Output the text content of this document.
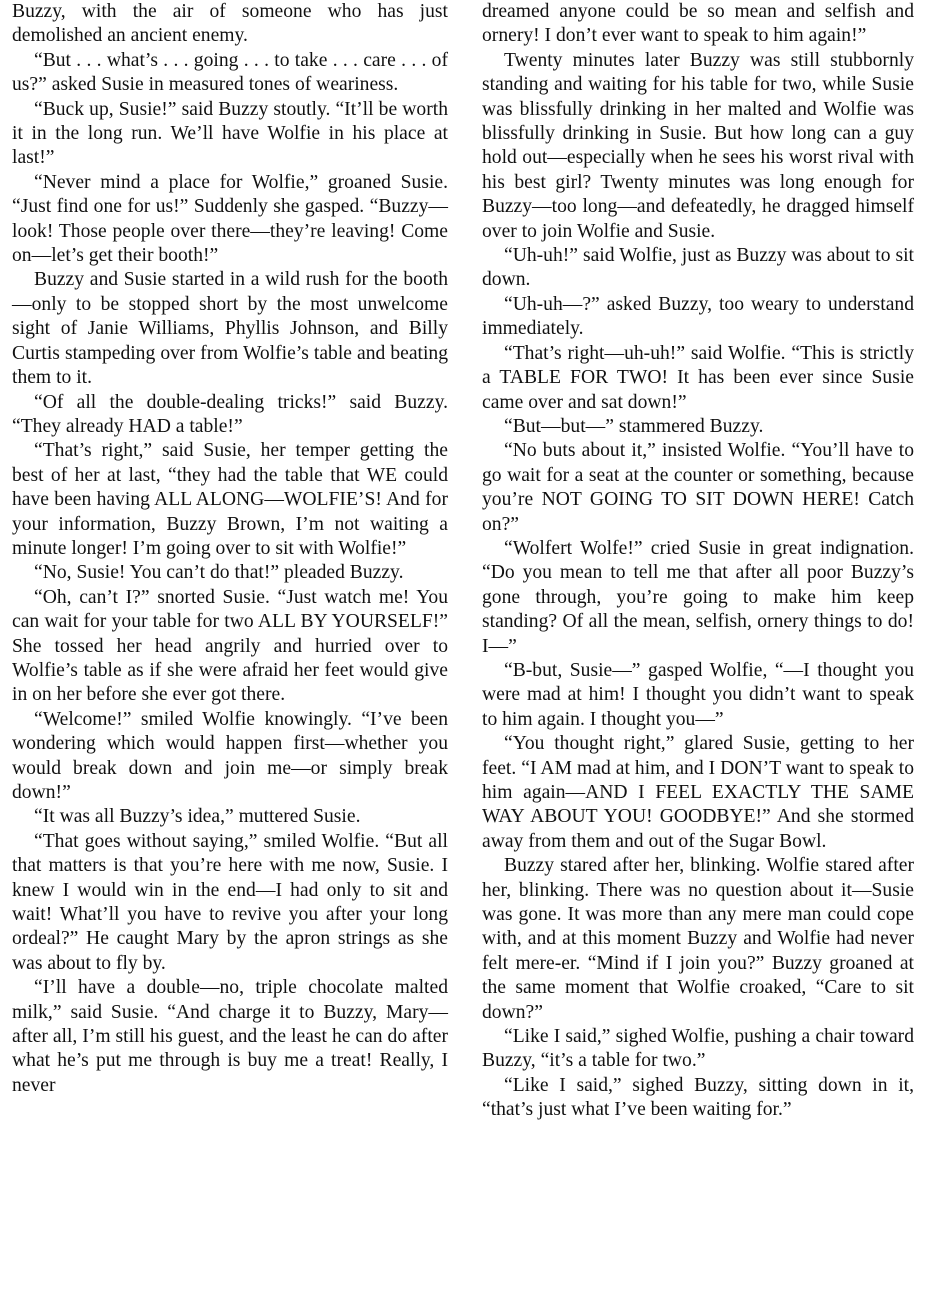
Buzzy, with the air of someone who has just demolished an ancient enemy.

“But . . . what’s . . . going . . . to take . . . care . . . of us?” asked Susie in measured tones of weariness.

“Buck up, Susie!” said Buzzy stoutly. “It’ll be worth it in the long run. We’ll have Wolfie in his place at last!”

“Never mind a place for Wolfie,” groaned Susie. “Just find one for us!” Suddenly she gasped. “Buzzy—look! Those people over there—they’re leaving! Come on—let’s get their booth!”

Buzzy and Susie started in a wild rush for the booth—only to be stopped short by the most unwelcome sight of Janie Williams, Phyllis Johnson, and Billy Curtis stampeding over from Wolfie’s table and beating them to it.

“Of all the double-dealing tricks!” said Buzzy. “They already HAD a table!”

“That’s right,” said Susie, her temper getting the best of her at last, “they had the table that WE could have been having ALL ALONG—WOLFIE’S! And for your information, Buzzy Brown, I’m not waiting a minute longer! I’m going over to sit with Wolfie!”

“No, Susie! You can’t do that!” pleaded Buzzy.

“Oh, can’t I?” snorted Susie. “Just watch me! You can wait for your table for two ALL BY YOURSELF!” She tossed her head angrily and hurried over to Wolfie’s table as if she were afraid her feet would give in on her before she ever got there.

“Welcome!” smiled Wolfie knowingly. “I’ve been wondering which would happen first—whether you would break down and join me—or simply break down!”

“It was all Buzzy’s idea,” muttered Susie.

“That goes without saying,” smiled Wolfie. “But all that matters is that you’re here with me now, Susie. I knew I would win in the end—I had only to sit and wait! What’ll you have to revive you after your long ordeal?” He caught Mary by the apron strings as she was about to fly by.

“I’ll have a double—no, triple chocolate malted milk,” said Susie. “And charge it to Buzzy, Mary—after all, I’m still his guest, and the least he can do after what he’s put me through is buy me a treat! Really, I never

dreamed anyone could be so mean and selfish and ornery! I don’t ever want to speak to him again!”

Twenty minutes later Buzzy was still stubbornly standing and waiting for his table for two, while Susie was blissfully drinking in her malted and Wolfie was blissfully drinking in Susie. But how long can a guy hold out—especially when he sees his worst rival with his best girl? Twenty minutes was long enough for Buzzy—too long—and defeatedly, he dragged himself over to join Wolfie and Susie.

“Uh-uh!” said Wolfie, just as Buzzy was about to sit down.

“Uh-uh—?” asked Buzzy, too weary to understand immediately.

“That’s right—uh-uh!” said Wolfie. “This is strictly a TABLE FOR TWO! It has been ever since Susie came over and sat down!”

“But—but—” stammered Buzzy.

“No buts about it,” insisted Wolfie. “You’ll have to go wait for a seat at the counter or something, because you’re NOT GOING TO SIT DOWN HERE! Catch on?”

“Wolfert Wolfe!” cried Susie in great indignation. “Do you mean to tell me that after all poor Buzzy’s gone through, you’re going to make him keep standing? Of all the mean, selfish, ornery things to do! I—”

“B-but, Susie—” gasped Wolfie, “—I thought you were mad at him! I thought you didn’t want to speak to him again. I thought you—”

“You thought right,” glared Susie, getting to her feet. “I AM mad at him, and I DON’T want to speak to him again—AND I FEEL EXACTLY THE SAME WAY ABOUT YOU! GOODBYE!” And she stormed away from them and out of the Sugar Bowl.

Buzzy stared after her, blinking. Wolfie stared after her, blinking. There was no question about it—Susie was gone. It was more than any mere man could cope with, and at this moment Buzzy and Wolfie had never felt mere-er. “Mind if I join you?” Buzzy groaned at the same moment that Wolfie croaked, “Care to sit down?”

“Like I said,” sighed Wolfie, pushing a chair toward Buzzy, “it’s a table for two.”

“Like I said,” sighed Buzzy, sitting down in it, “that’s just what I’ve been waiting for.”
